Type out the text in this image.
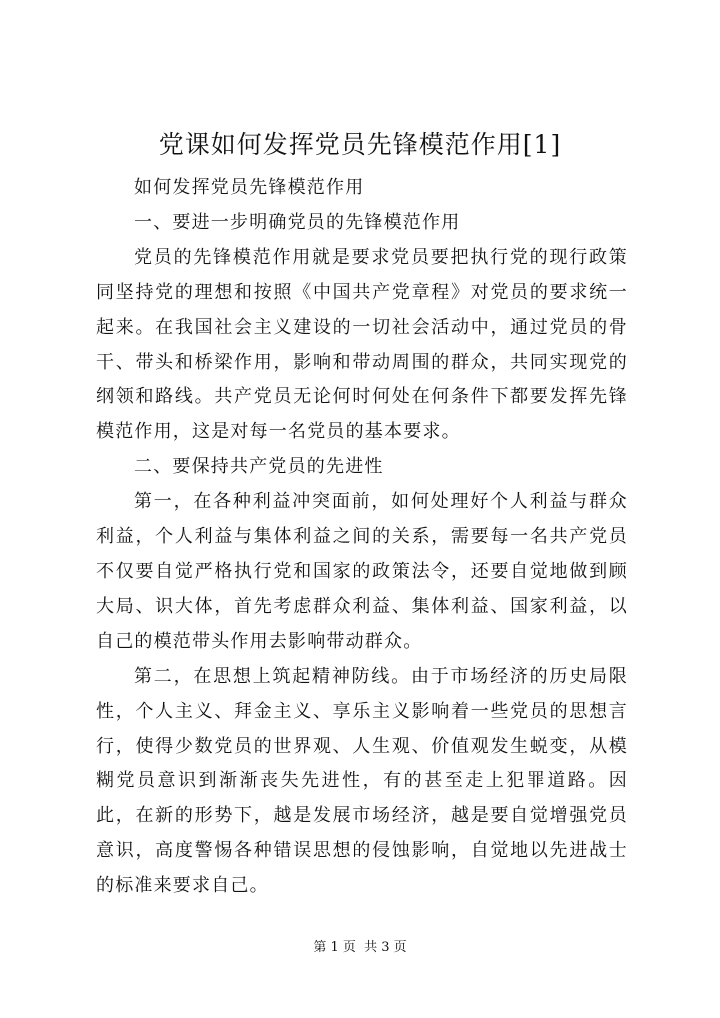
党课如何发挥党员先锋模范作用[1]

如何发挥党员先锋模范作用

一、要进一步明确党员的先锋模范作用

党员的先锋模范作用就是要求党员要把执行党的现行政策同坚持党的理想和按照《中国共产党章程》对党员的要求统一起来。在我国社会主义建设的一切社会活动中，通过党员的骨干、带头和桥梁作用，影响和带动周围的群众，共同实现党的纲领和路线。共产党员无论何时何处在何条件下都要发挥先锋模范作用，这是对每一名党员的基本要求。

二、要保持共产党员的先进性

第一，在各种利益冲突面前，如何处理好个人利益与群众利益，个人利益与集体利益之间的关系，需要每一名共产党员不仅要自觉严格执行党和国家的政策法令，还要自觉地做到顾大局、识大体，首先考虑群众利益、集体利益、国家利益，以自己的模范带头作用去影响带动群众。

第二，在思想上筑起精神防线。由于市场经济的历史局限性，个人主义、拜金主义、享乐主义影响着一些党员的思想言行，使得少数党员的世界观、人生观、价值观发生蜕变，从模糊党员意识到渐渐丧失先进性，有的甚至走上犯罪道路。因此，在新的形势下，越是发展市场经济，越是要自觉增强党员意识，高度警惕各种错误思想的侵蚀影响，自觉地以先进战士的标准来要求自己。

第 1 页  共 3 页
